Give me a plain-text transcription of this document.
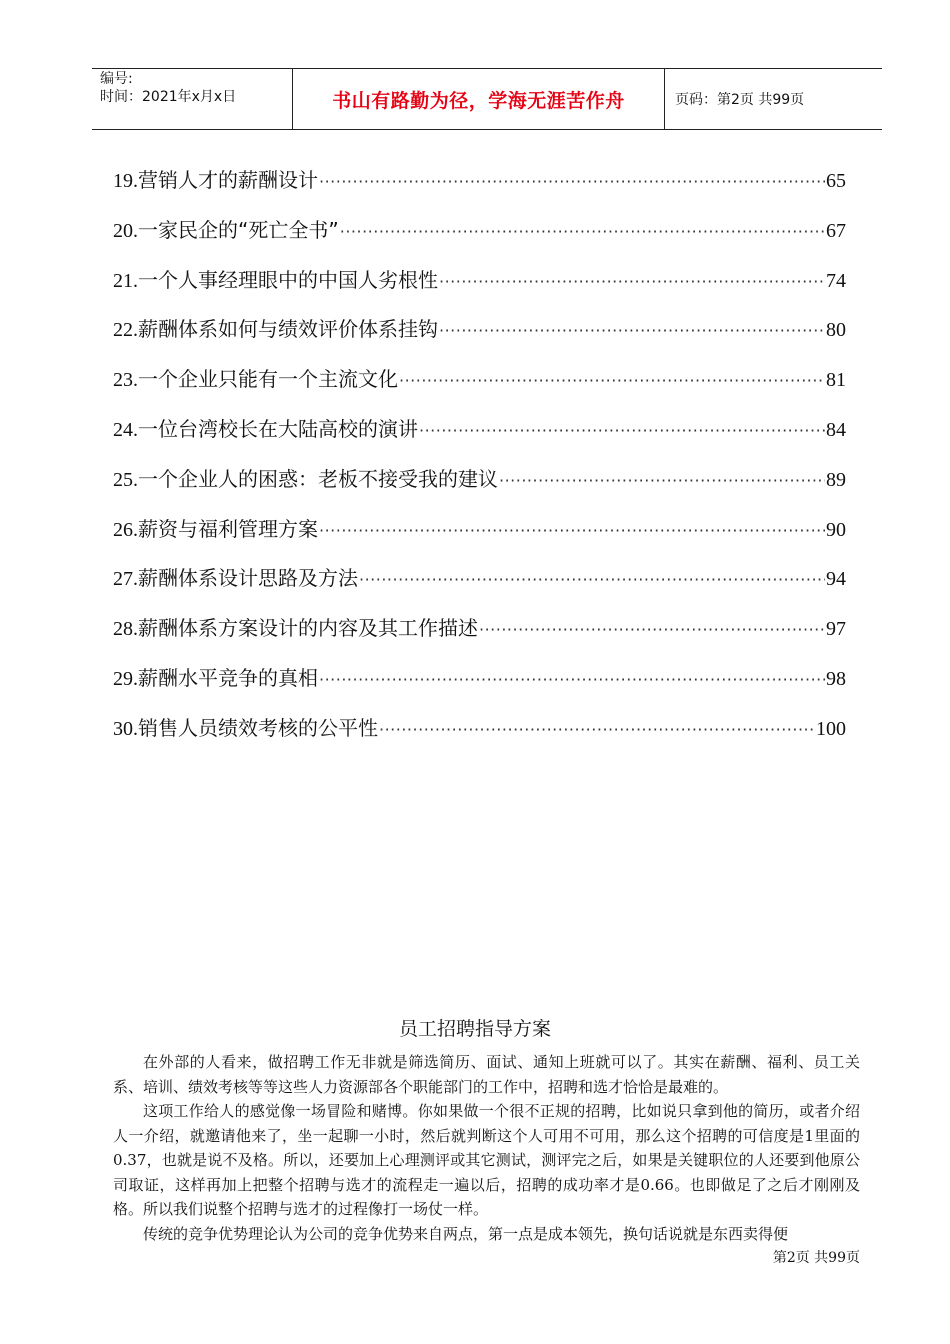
编号:
时间：2021年x月x日	书山有路勤为径，学海无涯苦作舟	页码：第2页 共99页
19. 营销人才的薪酬设计 ·····	65
20. 一家民企的“死亡全书” ·····	67
21. 一个人事经理眼中的中国人劣根性 ·····	74
22. 薪酬体系如何与绩效评价体系挂钩 ·····	80
23. 一个企业只能有一个主流文化 ·····	81
24. 一位台湾校长在大陆高校的演讲 ·····	84
25. 一个企业人的困惑：老板不接受我的建议 ·····	89
26. 薪资与福利管理方案 ·····	90
27. 薪酬体系设计思路及方法 ·····	94
28. 薪酬体系方案设计的内容及其工作描述 ·····	97
29. 薪酬水平竞争的真相 ·····	98
30. 销售人员绩效考核的公平性 ·····	100
员工招聘指导方案

在外部的人看来，做招聘工作无非就是筛选简历、面试、通知上班就可以了。其实在薪酬、福利、员工关系、培训、绩效考核等等这些人力资源部各个职能部门的工作中，招聘和选才恰恰是最难的。

这项工作给人的感觉像一场冒险和赌博。你如果做一个很不正规的招聘，比如说只拿到他的简历，或者介绍人一介绍，就邀请他来了，坐一起聊一小时，然后就判断这个人可用不可用，那么这个招聘的可信度是1里面的0.37，也就是说不及格。所以，还要加上心理测评或其它测试，测评完之后，如果是关键职位的人还要到他原公司取证，这样再加上把整个招聘与选才的流程走一遍以后，招聘的成功率才是0.66。也即做足了之后才刚刚及格。所以我们说整个招聘与选才的过程像打一场仗一样。

传统的竞争优势理论认为公司的竞争优势来自两点，第一点是成本领先，换句话说就是东西卖得便

第2页 共99页
